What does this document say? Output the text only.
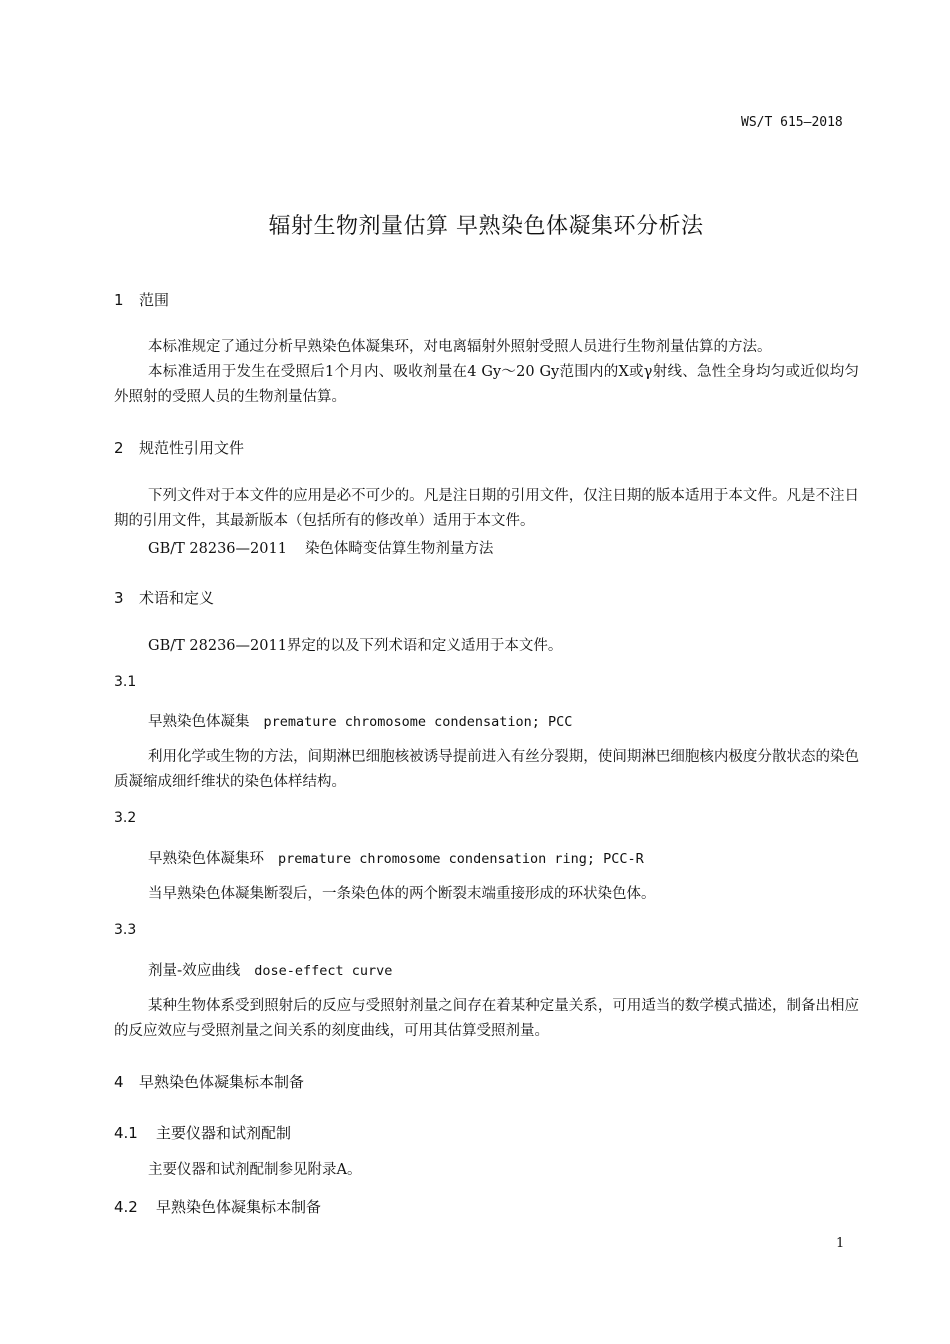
WS/T 615—2018
辐射生物剂量估算 早熟染色体凝集环分析法
1 范围

本标准规定了通过分析早熟染色体凝集环，对电离辐射外照射受照人员进行生物剂量估算的方法。

本标准适用于发生在受照后1个月内、吸收剂量在4 Gy～20 Gy范围内的X或γ射线、急性全身均匀或近似均匀外照射的受照人员的生物剂量估算。

2 规范性引用文件

下列文件对于本文件的应用是必不可少的。凡是注日期的引用文件，仅注日期的版本适用于本文件。凡是不注日期的引用文件，其最新版本（包括所有的修改单）适用于本文件。

GB/T 28236—2011 染色体畸变估算生物剂量方法
3 术语和定义
GB/T 28236—2011界定的以及下列术语和定义适用于本文件。
3.1
早熟染色体凝集 premature chromosome condensation; PCC

利用化学或生物的方法，间期淋巴细胞核被诱导提前进入有丝分裂期，使间期淋巴细胞核内极度分散状态的染色质凝缩成细纤维状的染色体样结构。

3.2
早熟染色体凝集环 premature chromosome condensation ring; PCC-R

当早熟染色体凝集断裂后，一条染色体的两个断裂末端重接形成的环状染色体。

3.3
剂量-效应曲线 dose-effect curve

某种生物体系受到照射后的反应与受照射剂量之间存在着某种定量关系，可用适当的数学模式描述，制备出相应的反应效应与受照剂量之间关系的刻度曲线，可用其估算受照剂量。

4 早熟染色体凝集标本制备
4.1 主要仪器和试剂配制
主要仪器和试剂配制参见附录A。
4.2 早熟染色体凝集标本制备
1
